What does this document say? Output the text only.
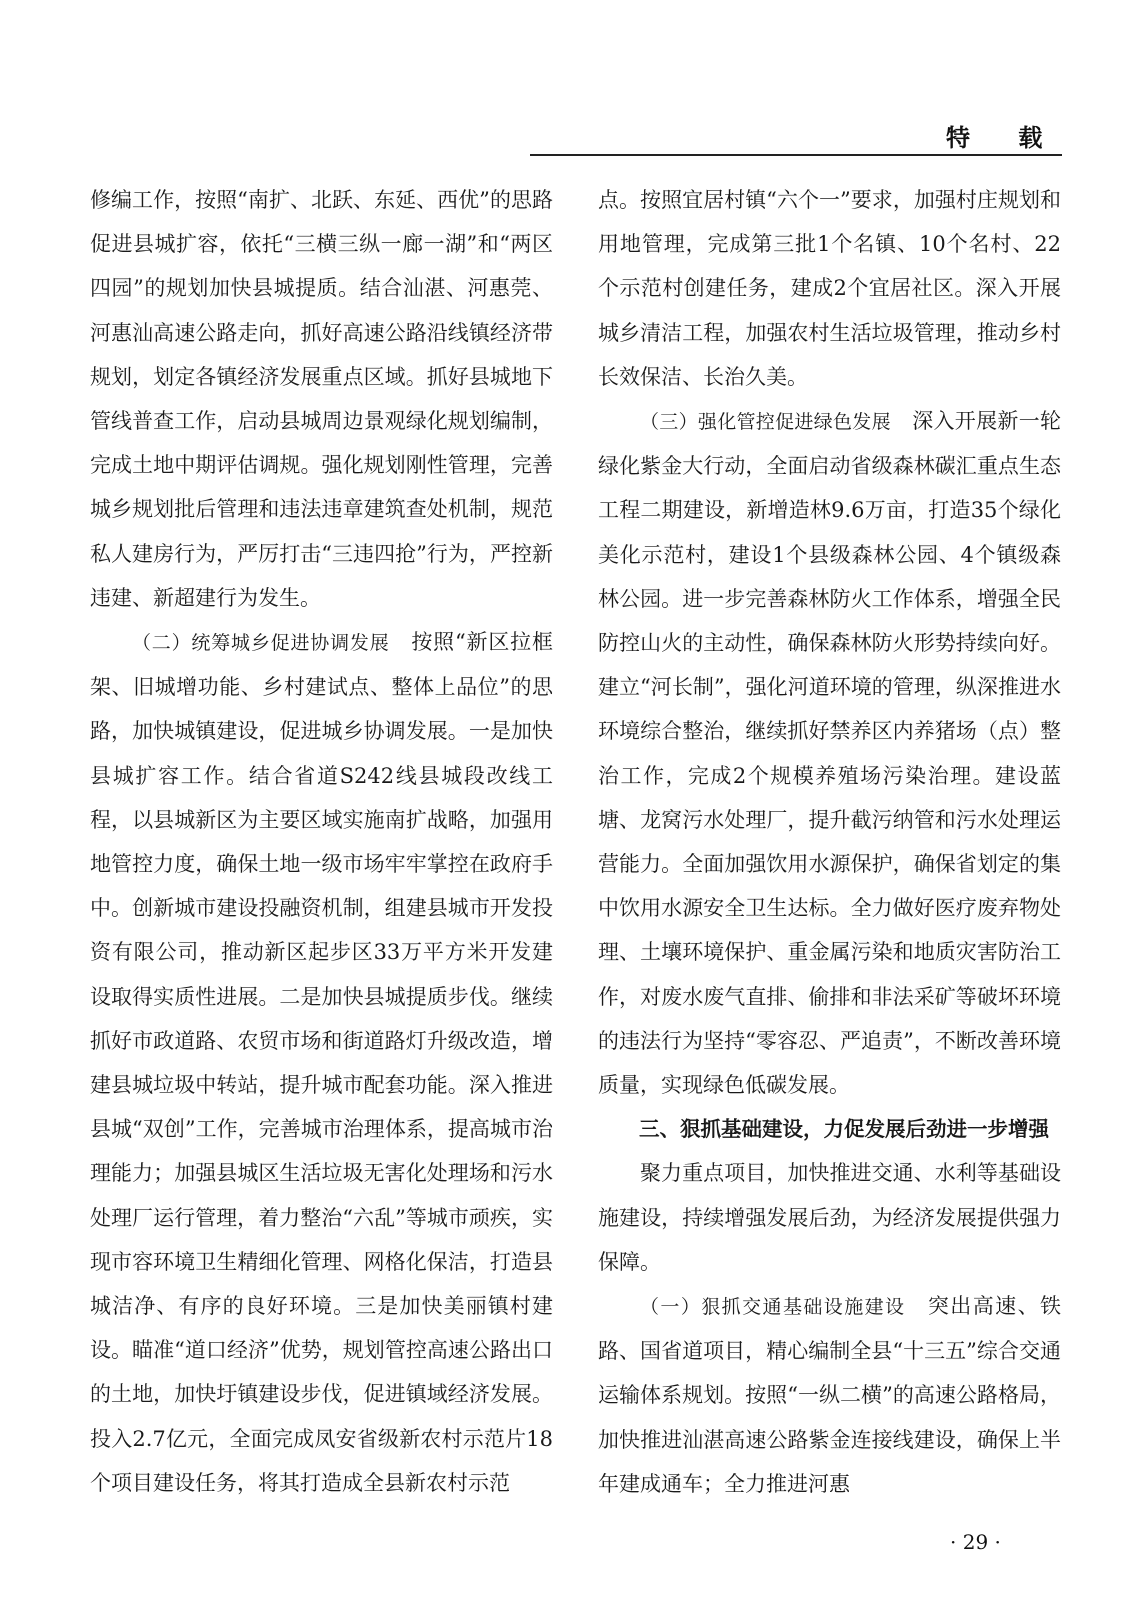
特 载

修编工作，按照“南扩、北跃、东延、西优”的思路促进县城扩容，依托“三横三纵一廊一湖”和“两区四园”的规划加快县城提质。结合汕湛、河惠莞、河惠汕高速公路走向，抓好高速公路沿线镇经济带规划，划定各镇经济发展重点区域。抓好县城地下管线普查工作，启动县城周边景观绿化规划编制，完成土地中期评估调规。强化规划刚性管理，完善城乡规划批后管理和违法违章建筑查处机制，规范私人建房行为，严厉打击“三违四抢”行为，严控新违建、新超建行为发生。

（二）统筹城乡促进协调发展　 按照“新区拉框架、旧城增功能、乡村建试点、整体上品位”的思路，加快城镇建设，促进城乡协调发展。一是加快县城扩容工作。结合省道S242线县城段改线工程，以县城新区为主要区域实施南扩战略，加强用地管控力度，确保土地一级市场牢牢掌控在政府手中。创新城市建设投融资机制，组建县城市开发投资有限公司，推动新区起步区33万平方米开发建设取得实质性进展。二是加快县城提质步伐。继续抓好市政道路、农贸市场和街道路灯升级改造，增建县城垃圾中转站，提升城市配套功能。深入推进县城“双创”工作，完善城市治理体系，提高城市治理能力；加强县城区生活垃圾无害化处理场和污水处理厂运行管理，着力整治“六乱”等城市顽疾，实现市容环境卫生精细化管理、网格化保洁，打造县城洁净、有序的良好环境。三是加快美丽镇村建设。瞄准“道口经济”优势，规划管控高速公路出口的土地，加快圩镇建设步伐，促进镇域经济发展。投入2.7亿元，全面完成凤安省级新农村示范片18个项目建设任务，将其打造成全县新农村示范

点。按照宜居村镇“六个一”要求，加强村庄规划和用地管理，完成第三批1个名镇、10个名村、22个示范村创建任务，建成2个宜居社区。深入开展城乡清洁工程，加强农村生活垃圾管理，推动乡村长效保洁、长治久美。

（三）强化管控促进绿色发展　 深入开展新一轮绿化紫金大行动，全面启动省级森林碳汇重点生态工程二期建设，新增造林9.6万亩，打造35个绿化美化示范村，建设1个县级森林公园、4个镇级森林公园。进一步完善森林防火工作体系，增强全民防控山火的主动性，确保森林防火形势持续向好。建立“河长制”，强化河道环境的管理，纵深推进水环境综合整治，继续抓好禁养区内养猪场（点）整治工作，完成2个规模养殖场污染治理。建设蓝塘、龙窝污水处理厂，提升截污纳管和污水处理运营能力。全面加强饮用水源保护，确保省划定的集中饮用水源安全卫生达标。全力做好医疗废弃物处理、土壤环境保护、重金属污染和地质灾害防治工作，对废水废气直排、偷排和非法采矿等破坏环境的违法行为坚持“零容忍、严追责”，不断改善环境质量，实现绿色低碳发展。

三、狠抓基础建设，力促发展后劲进一步增强

聚力重点项目，加快推进交通、水利等基础设施建设，持续增强发展后劲，为经济发展提供强力保障。

（一）狠抓交通基础设施建设　 突出高速、铁路、国省道项目，精心编制全县“十三五”综合交通运输体系规划。按照“一纵二横”的高速公路格局，加快推进汕湛高速公路紫金连接线建设，确保上半年建成通车；全力推进河惠

· 29 ·
